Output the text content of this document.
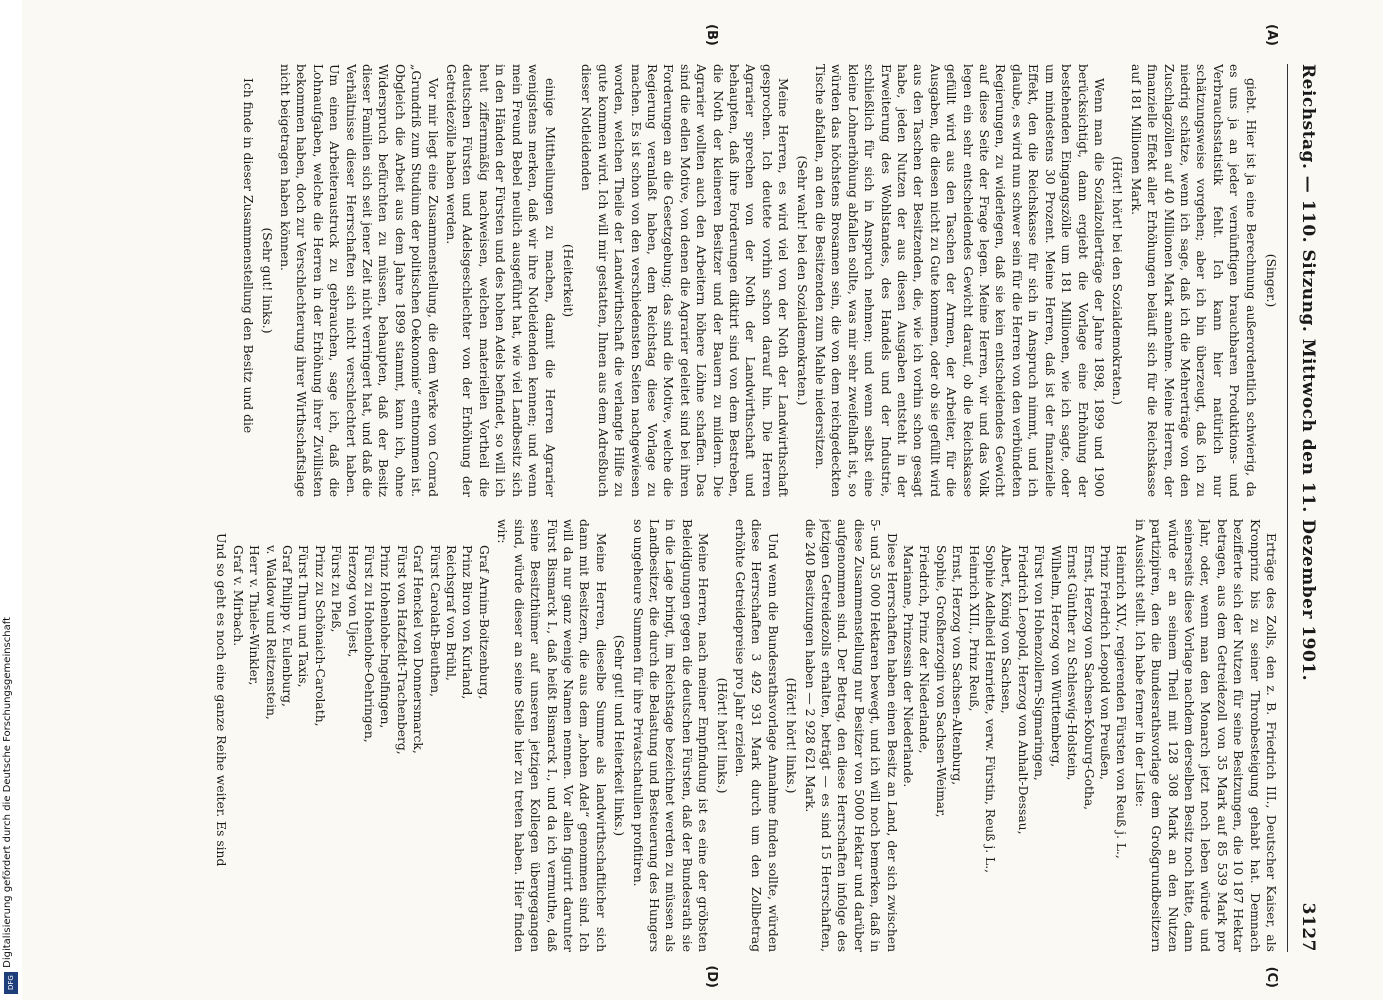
Digitalisierung gefördert durch die Deutsche Forschungsgemeinschaft
DFG
Reichstag. — 110. Sitzung. Mittwoch den 11. Dezember 1901.
3127
(A)
(B)
(C)
(D)

(Singer.)

giebt. Hier ist ja eine Berechnung außerordentlich schwierig, da es uns ja an jeder vernünftigen brauchbaren Produktions- und Verbrauchsstatistik fehlt. Ich kann hier natürlich nur schätzungsweise vorgehen; aber ich bin überzeugt, daß ich zu niedrig schätze, wenn ich sage, daß ich die Mehrerträge von den Zuschlagzöllen auf 40 Millionen Mark annehme. Meine Herren, der finanzielle Effekt aller Erhöhungen beläuft sich für die Reichskasse auf 181 Millionen Mark.

(Hört! hört! bei den Sozialdemokraten.)

Wenn man die Sozialzollerträge der Jahre 1898, 1899 und 1900 berücksichtigt, dann ergiebt die Vorlage eine Erhöhung der bestehenden Eingangszölle um 181 Millionen, wie ich sagte, oder um mindestens 30 Prozent. Meine Herren, daß ist der finanzielle Effekt, den die Reichskasse für sich in Anspruch nimmt, und ich glaube, es wird nun schwer sein für die Herren von den verbündeten Regierungen, zu widerlegen, daß sie kein entscheidendes Gewicht auf diese Seite der Frage legen. Meine Herren, wir und das Volk legen ein sehr entscheidendes Gewicht darauf, ob die Reichskasse gefüllt wird aus den Taschen der Armen, der Arbeiter, für die Ausgaben, die diesen nicht zu Gute kommen, oder ob sie gefüllt wird aus den Taschen der Besitzenden, die, wie ich vorhin schon gesagt habe, jeden Nutzen der aus diesen Ausgaben entsteht in der Erweiterung des Wohlstandes, des Handels und der Industrie, schließlich für sich in Anspruch nehmen; und wenn selbst eine kleine Lohnerhöhung abfallen sollte, was mir sehr zweifelhaft ist, so würden das höchstens Brosamen sein, die von dem reichgedeckten Tische abfallen, an den die Besitzenden zum Mahle niedersitzen.

(Sehr wahr! bei den Sozialdemokraten.)

Meine Herren, es wird viel von der Noth der Landwirthschaft gesprochen. Ich deutete vorhin schon darauf hin. Die Herren Agrarier sprechen von der Noth der Landwirthschaft und behaupten, daß ihre Forderungen diktirt sind von dem Bestreben, die Noth der kleineren Besitzer und der Bauern zu mildern. Die Agrarier wollten auch den Arbeitern höhere Löhne schaffen. Das sind die edlen Motive, von denen die Agrarier geleitet sind bei ihren Forderungen an die Gesetzgebung; das sind die Motive, welche die Regierung veranlaßt haben, dem Reichstag diese Vorlage zu machen. Es ist schon von den verschiedensten Seiten nachgewiesen worden, welchen Theile der Landwirthschaft die verlangte Hilfe zu gute kommen wird. Ich will mir gestatten, Ihnen aus dem Adreßbuch dieser Notleidenden

(Heiterkeit)

einige Mittheilungen zu machen, damit die Herren Agrarier wenigstens merken, daß wir ihre Notleidenden kennen; und wenn mein Freund Bebel neulich ausgeführt hat, wie viel Landbesitz sich in den Händen der Fürsten und des hohen Adels befindet, so will ich heut ziffernmäßig nachweisen, welchen materiellen Vortheil die deutschen Fürsten und Adelsgeschlechter von der Erhöhung der Getreidezölle haben werden.

Vor mir liegt eine Zusammenstellung, die dem Werke von Conrad „Grundriß zum Studium der politischen Oekonomie“ entnommen ist. Obgleich die Arbeit aus dem Jahre 1899 stammt, kann ich, ohne Widerspruch befürchten zu müssen, behaupten, daß der Besitz dieser Familien sich seit jener Zeit nicht verringert hat, und daß die Verhältnisse dieser Herrschaften sich nicht verschlechtert haben. Um einen Arbeiteraustruck zu gebrauchen, sage ich, daß die Lohnaufgaben, welche die Herren in der Erhöhung ihrer Zivillisten bekommen haben, doch zur Verschlechterung ihrer Wirthschaftslage nicht beigetragen haben können.

(Sehr gut! links.)

Ich finde in dieser Zusammenstellung den Besitz und die

Erträge des Zolls, den z. B. Friedrich III., Deutscher Kaiser, als Kronprinz bis zu seiner Thronbesteigung gehabt hat. Demnach bezifferte sich der Nutzen für seine Besitzungen, die 10 187 Hektar betragen, aus dem Getreidezoll von 35 Mark auf 85 539 Mark pro Jahr, oder, wenn man den Monarch jetzt noch leben würde und seinerseits diese Vorlage nachdem derselben Besitz noch hätte, dann würde er an seinem Theil mit 128 308 Mark an den Nutzen partizipiren, den die Bundesrathsvorlage dem Großgrundbesitzern in Aussicht stellt. Ich habe ferner in der Liste:

Heinrich XIV., regierenden Fürsten von Reuß j. L.,
Prinz Friedrich Leopold von Preußen,
Ernst, Herzog von Sachsen-Koburg-Gotha,
Ernst Günther zu Schleswig-Holstein,
Wilhelm, Herzog von Württemberg,
Fürst von Hohenzollern-Sigmaringen,
Friedrich Leopold, Herzog von Anhalt-Dessau,
Albert, König von Sachsen,
Sophie Adelheid Henriette, verw. Fürstin, Reuß j. L.,
Heinrich XIII., Prinz Reuß,
Ernst, Herzog von Sachsen-Altenburg,
Sophie, Großherzogin von Sachsen-Weimar,
Friedrich, Prinz der Niederlande,
Marianne, Prinzessin der Niederlande.

Diese Herrschaften haben einen Besitz an Land, der sich zwischen 5- und 35 000 Hektaren bewegt, und ich will noch bemerken, daß in diese Zusammenstellung nur Besitzer von 5000 Hektar und darüber aufgenommen sind. Der Betrag, den diese Herrschaften infolge des jetzigen Getreidezolls erhalten, beträgt — es sind 15 Herrschaften, die 240 Besitzungen haben — 2 928 621 Mark.

(Hört! hört! links.)

Und wenn die Bundesrathsvorlage Annahme finden sollte, würden diese Herrschaften 3 492 931 Mark durch um den Zollbetrag erhöhte Getreidepreise pro Jahr erzielen.

(Hört! hört! links.)

Meine Herren, nach meiner Empfindung ist es eine der gröbsten Beleidigungen gegen die deutschen Fürsten, daß der Bundesrath sie in die Lage bringt, im Reichstage bezeichnet werden zu müssen als Landbesitzer, die durch die Belastung und Besteuerung des Hungers so ungeheure Summen für ihre Privatschatullen profitiren.

(Sehr gut! und Heiterkeit links.)

Meine Herren, dieselbe Summe als landwirthschaftlicher sich dann mit Besitzern, die aus dem „hohen Adel“ genommen sind. Ich will da nur ganz wenige Namen nennen. Vor allen figurirt darunter Fürst Bismarck I., daß heißt Bismarck I., und da ich vermuthe, daß seine Besitzthümer auf unseren jetzigen Kollegen übergegangen sind, würde dieser an seine Stelle hier zu treten haben. Hier finden wir:

Graf Arnim-Boitzenburg,
Prinz Biron von Kurland,
Reichsgraf von Brühl,
Fürst Carolath-Beuthen,
Graf Henckel von Donnersmarck,
Fürst von Hatzfeldt-Trachenberg,
Prinz Hohenlohe-Ingelfingen,
Fürst zu Hohenlohe-Oehringen,
Herzog von Ujest,
Fürst zu Pleß,
Prinz zu Schönaich-Carolath,
Fürst Thurn und Taxis,
Graf Philipp v. Eulenburg,
v. Waldow und Reitzenstein,
Herr v. Thiele-Winkler,
Graf v. Mirbach.

Und so geht es noch eine ganze Reihe weiter. Es sind
